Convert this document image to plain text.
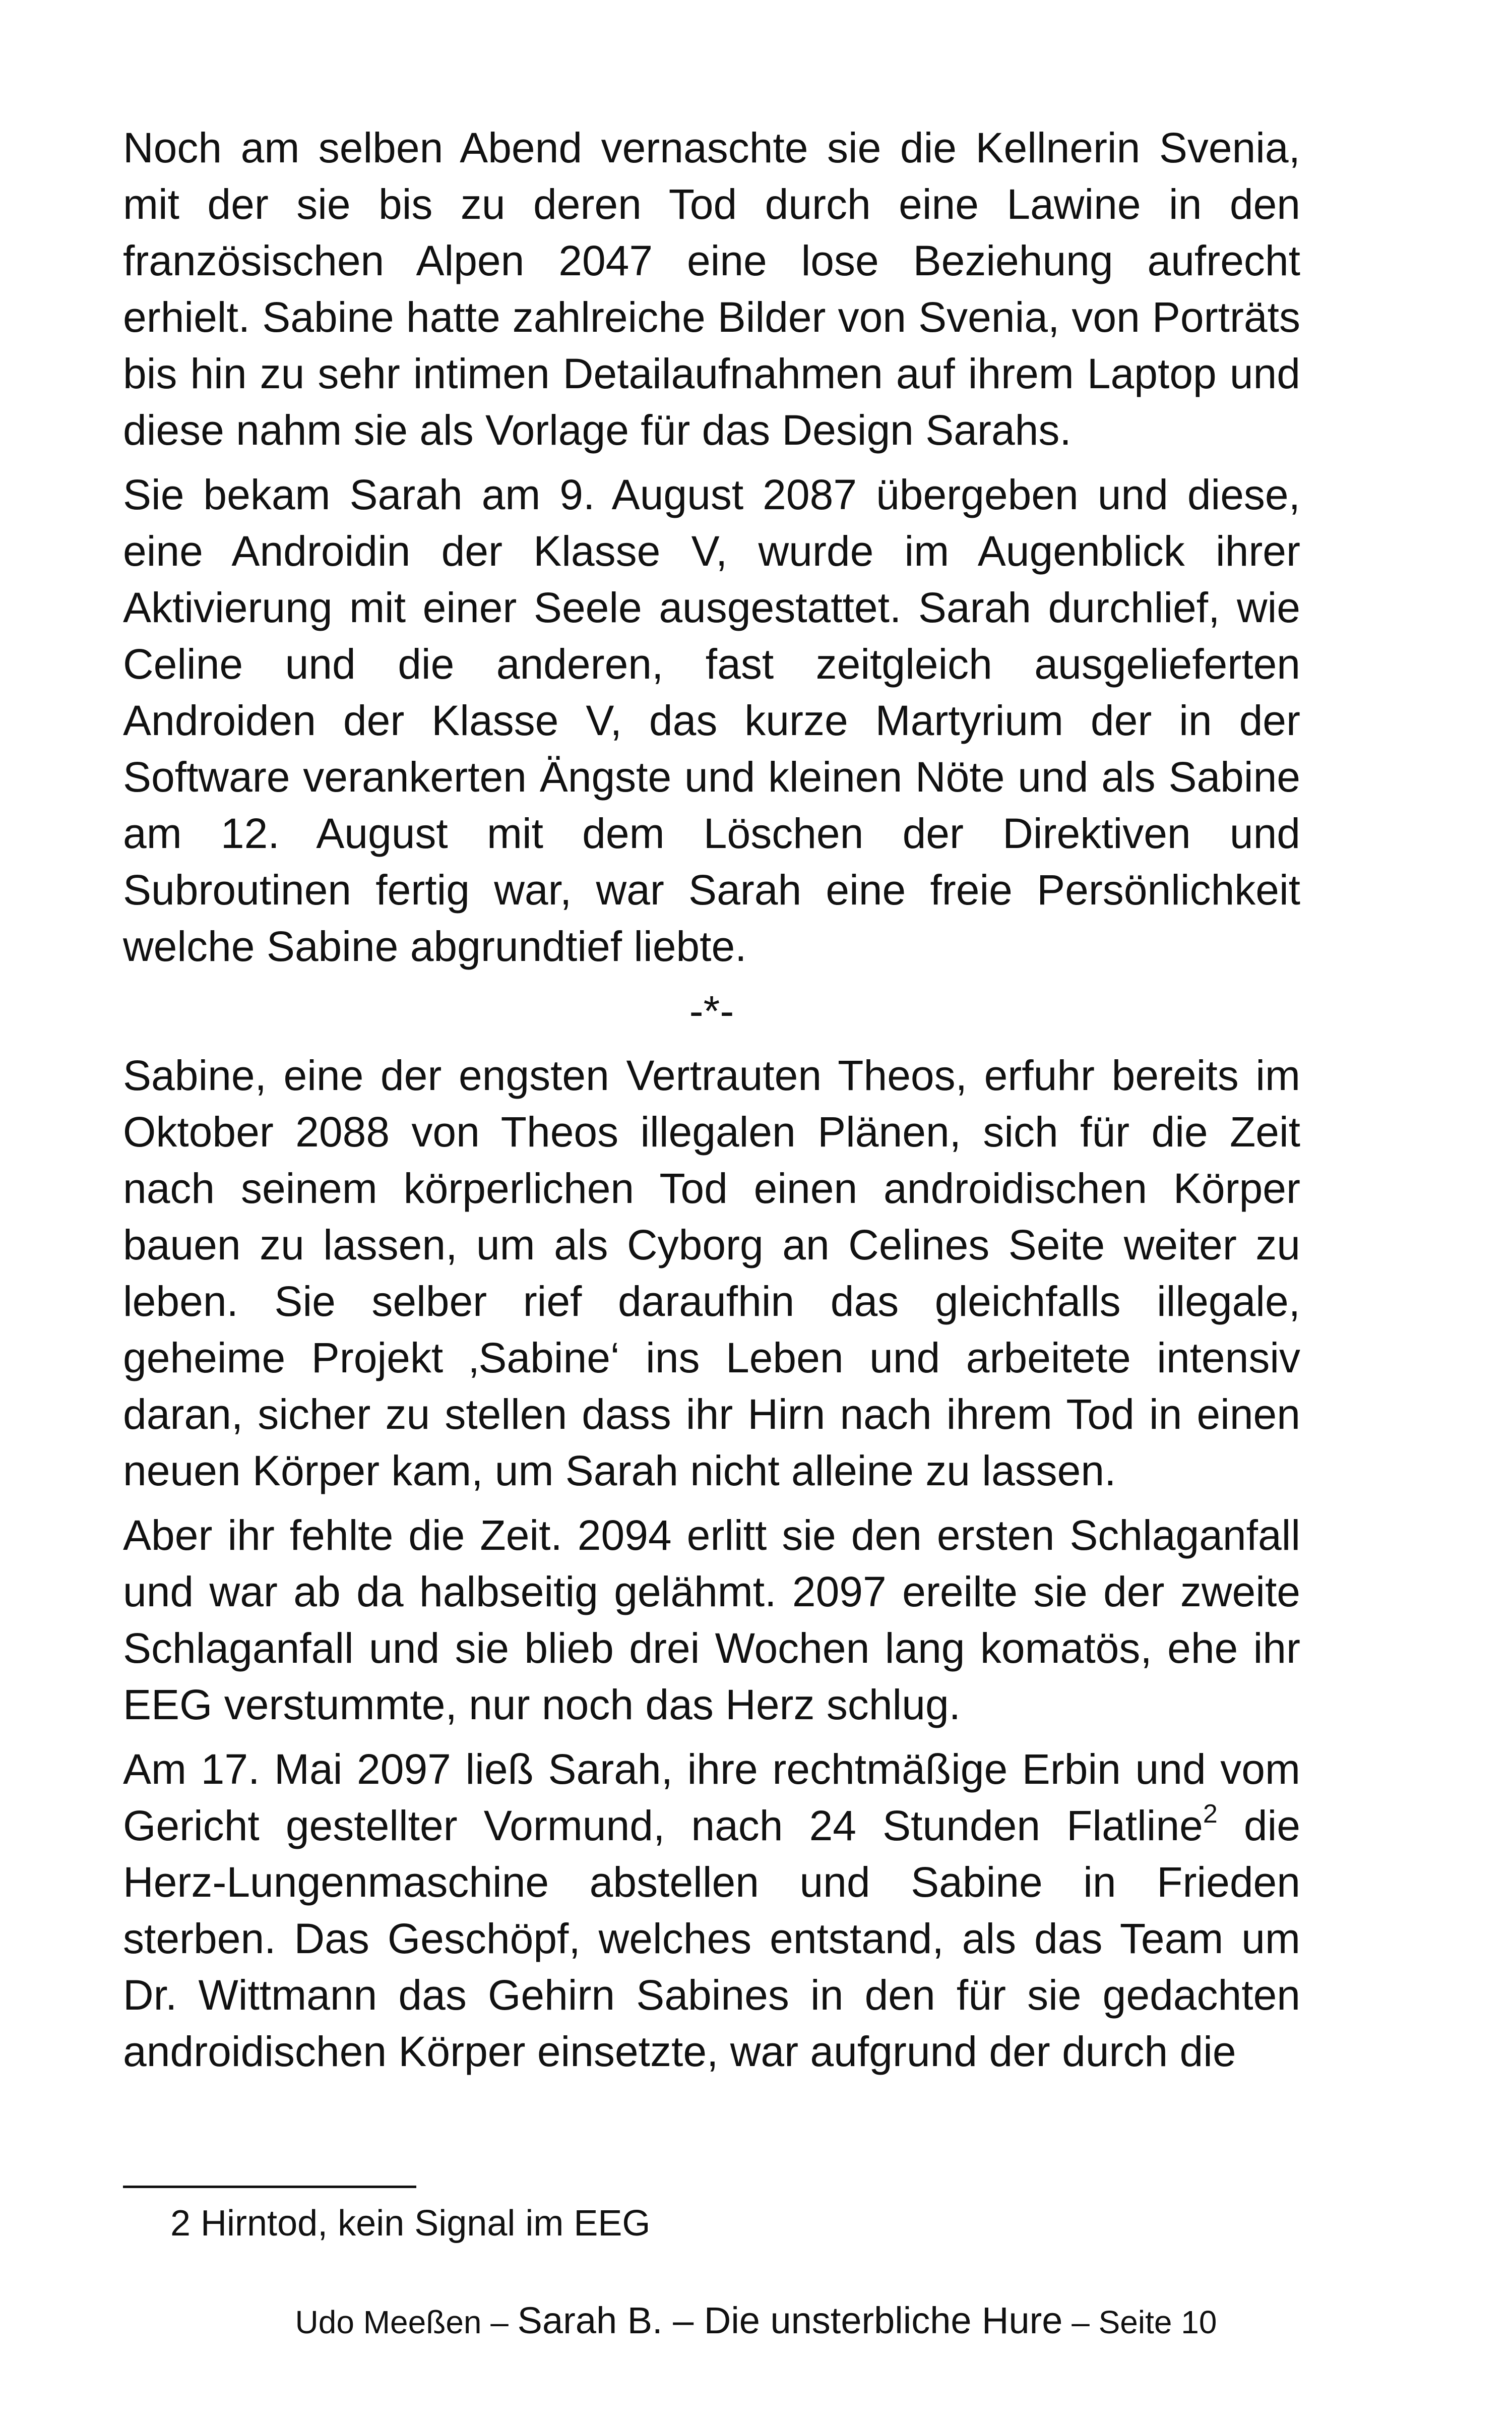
Noch am selben Abend vernaschte sie die Kellnerin Svenia, mit der sie bis zu deren Tod durch eine Lawine in den französischen Alpen 2047 eine lose Beziehung aufrecht erhielt. Sabine hatte zahlreiche Bilder von Svenia, von Porträts bis hin zu sehr intimen Detailaufnahmen auf ihrem Laptop und diese nahm sie als Vorlage für das Design Sarahs.

Sie bekam Sarah am 9. August 2087 übergeben und diese, eine Androidin der Klasse V, wurde im Augenblick ihrer Aktivierung mit einer Seele ausgestattet. Sarah durchlief, wie Celine und die anderen, fast zeitgleich ausgelieferten Androiden der Klasse V, das kurze Martyrium der in der Software verankerten Ängste und kleinen Nöte und als Sabine am 12. August mit dem Löschen der Direktiven und Subroutinen fertig war, war Sarah eine freie Persönlichkeit welche Sabine abgrundtief liebte.

-*-

Sabine, eine der engsten Vertrauten Theos, erfuhr bereits im Oktober 2088 von Theos illegalen Plänen, sich für die Zeit nach seinem körperlichen Tod einen androidischen Körper bauen zu lassen, um als Cyborg an Celines Seite weiter zu leben. Sie selber rief daraufhin das gleichfalls illegale, geheime Projekt ‚Sabine‘ ins Leben und arbeitete intensiv daran, sicher zu stellen dass ihr Hirn nach ihrem Tod in einen neuen Körper kam, um Sarah nicht alleine zu lassen.

Aber ihr fehlte die Zeit. 2094 erlitt sie den ersten Schlaganfall und war ab da halbseitig gelähmt. 2097 ereilte sie der zweite Schlaganfall und sie blieb drei Wochen lang komatös, ehe ihr EEG verstummte, nur noch das Herz schlug.

Am 17. Mai 2097 ließ Sarah, ihre rechtmäßige Erbin und vom Gericht gestellter Vormund, nach 24 Stunden Flatline$^2$ die Herz-Lungenmaschine abstellen und Sabine in Frieden sterben. Das Geschöpf, welches entstand, als das Team um Dr. Wittmann das Gehirn Sabines in den für sie gedachten androidischen Körper einsetzte, war aufgrund der durch die

2 Hirntod, kein Signal im EEG
Udo Meeßen – Sarah B. – Die unsterbliche Hure – Seite 10
